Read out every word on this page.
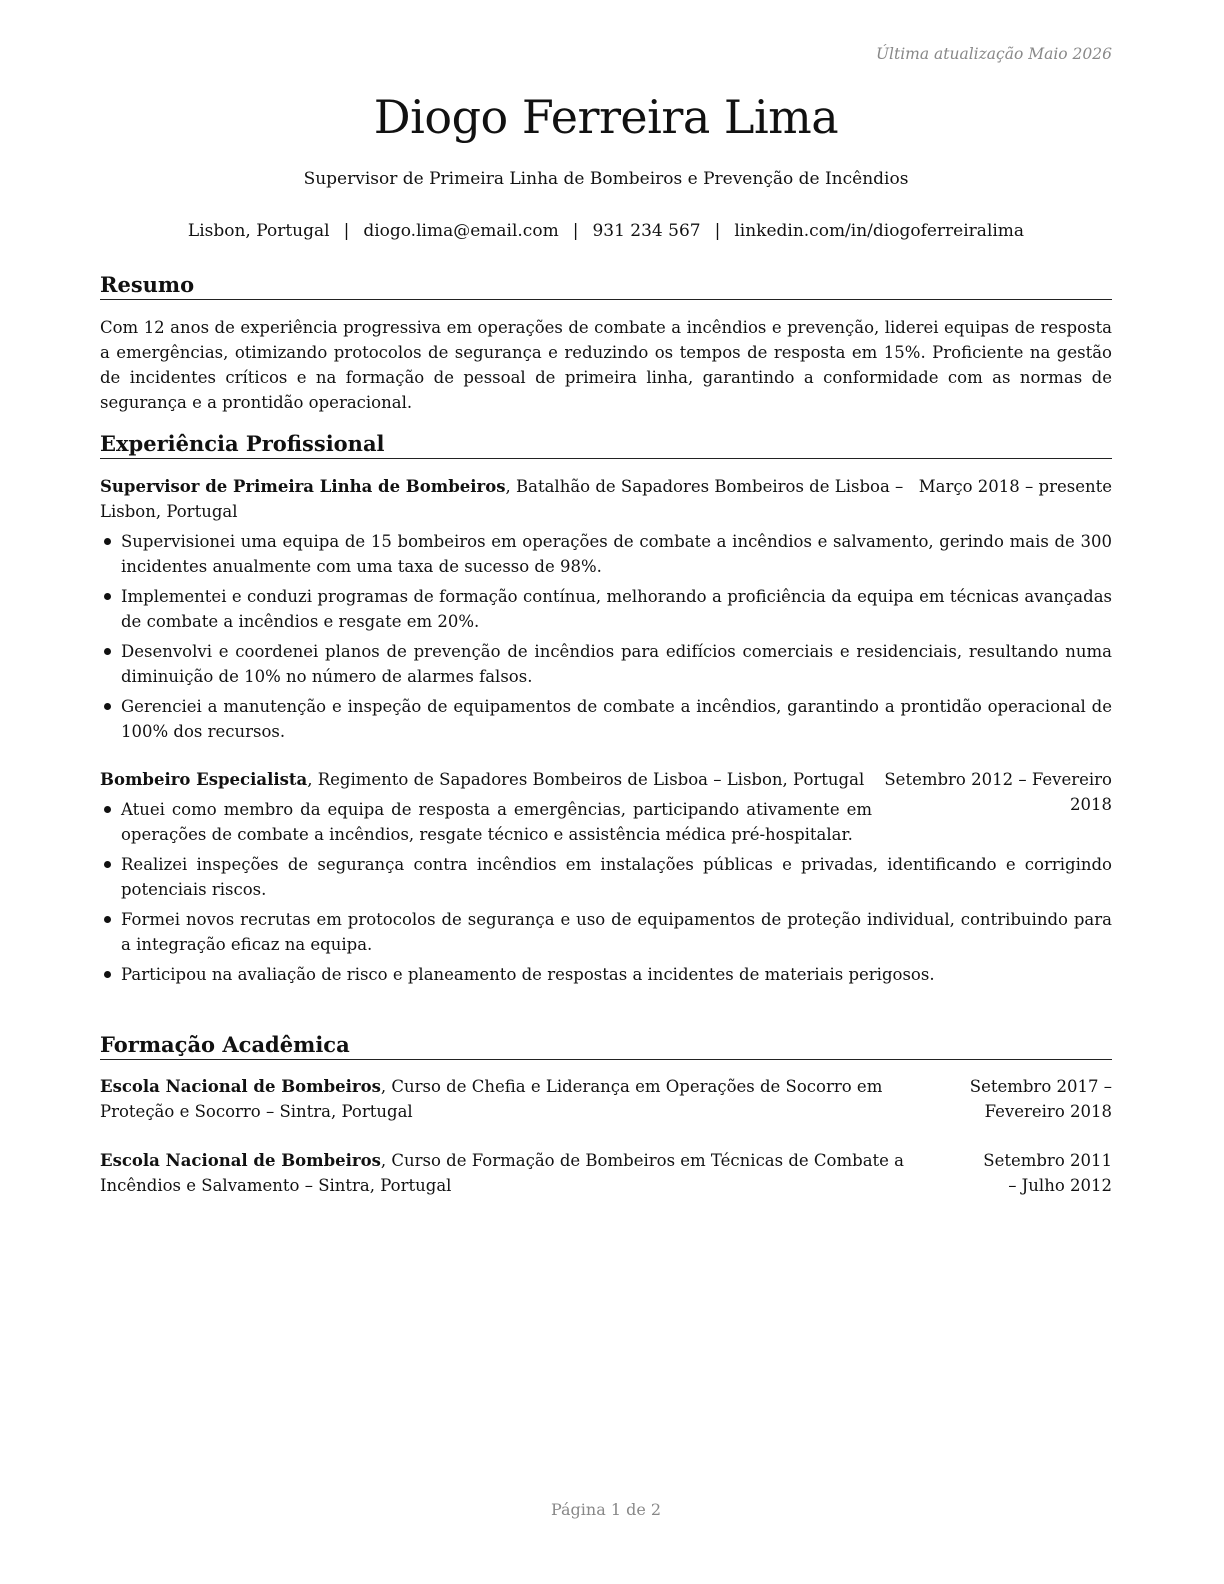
Última atualização Maio 2026
Diogo Ferreira Lima
Supervisor de Primeira Linha de Bombeiros e Prevenção de Incêndios
Lisbon, Portugal | diogo.lima@email.com | 931 234 567 | linkedin.com/in/diogoferreiralima
Resumo
Com 12 anos de experiência progressiva em operações de combate a incêndios e prevenção, liderei equipas de resposta a emergências, otimizando protocolos de segurança e reduzindo os tempos de resposta em 15%. Proficiente na gestão de incidentes críticos e na formação de pessoal de primeira linha, garantindo a conformidade com as normas de segurança e a prontidão operacional.
Experiência Profissional
Março 2018 – presente
Supervisor de Primeira Linha de Bombeiros, Batalhão de Sapadores Bombeiros de Lisboa – Lisbon, Portugal
Supervisionei uma equipa de 15 bombeiros em operações de combate a incêndios e salvamento, gerindo mais de 300 incidentes anualmente com uma taxa de sucesso de 98%.
Implementei e conduzi programas de formação contínua, melhorando a proficiência da equipa em técnicas avançadas de combate a incêndios e resgate em 20%.
Desenvolvi e coordenei planos de prevenção de incêndios para edifícios comerciais e residenciais, resultando numa diminuição de 10% no número de alarmes falsos.
Gerenciei a manutenção e inspeção de equipamentos de combate a incêndios, garantindo a prontidão operacional de 100% dos recursos.
Setembro 2012 – Fevereiro 2018
Bombeiro Especialista, Regimento de Sapadores Bombeiros de Lisboa – Lisbon, Portugal
Atuei como membro da equipa de resposta a emergências, participando ativamente em operações de combate a incêndios, resgate técnico e assistência médica pré-hospitalar.
Realizei inspeções de segurança contra incêndios em instalações públicas e privadas, identificando e corrigindo potenciais riscos.
Formei novos recrutas em protocolos de segurança e uso de equipamentos de proteção individual, contribuindo para a integração eficaz na equipa.
Participou na avaliação de risco e planeamento de respostas a incidentes de materiais perigosos.
Formação Acadêmica
Setembro 2017 – Fevereiro 2018
Escola Nacional de Bombeiros, Curso de Chefia e Liderança em Operações de Socorro em Proteção e Socorro – Sintra, Portugal
Setembro 2011 – Julho 2012
Escola Nacional de Bombeiros, Curso de Formação de Bombeiros em Técnicas de Combate a Incêndios e Salvamento – Sintra, Portugal
Página 1 de 2
